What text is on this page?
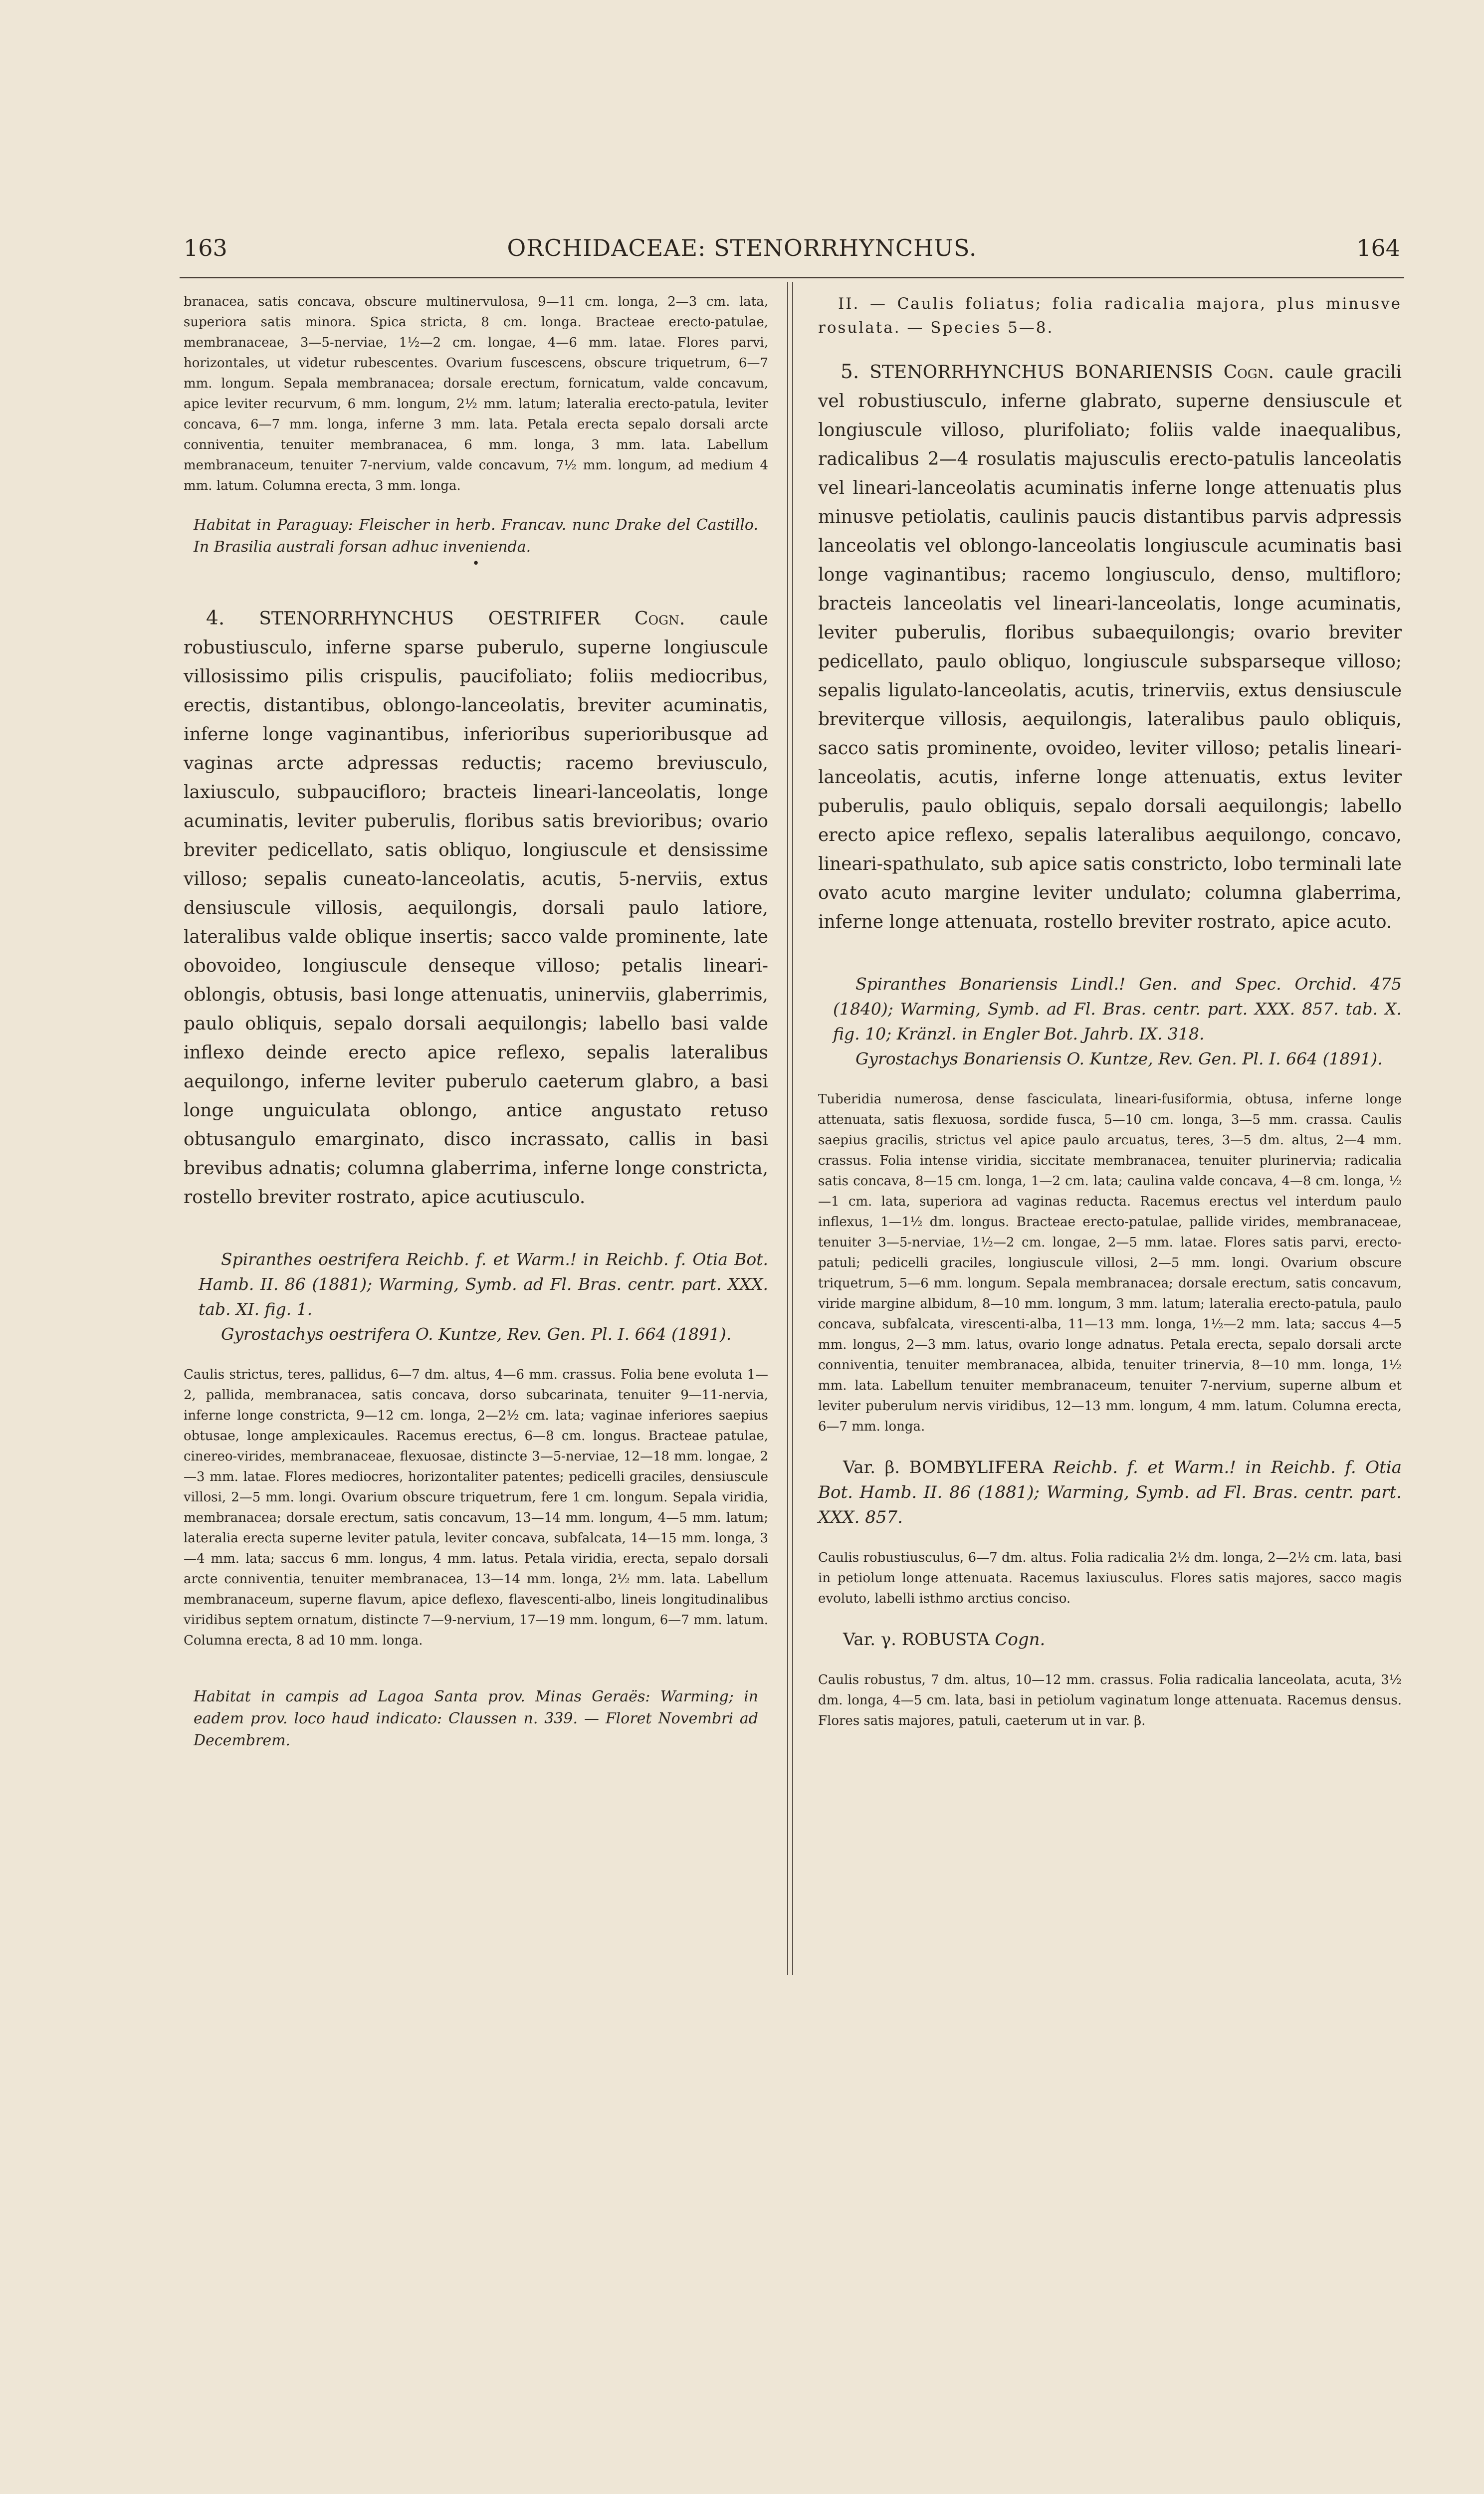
163	ORCHIDACEAE: STENORRHYNCHUS.	164

branacea, satis concava, obscure multinervulosa, 9—11 cm. longa, 2—3 cm. lata, superiora satis minora. Spica stricta, 8 cm. longa. Bracteae erecto-patulae, membranaceae, 3—5-nerviae, 1½—2 cm. longae, 4—6 mm. latae. Flores parvi, horizontales, ut videtur rubescentes. Ovarium fuscescens, obscure triquetrum, 6—7 mm. longum. Sepala membranacea; dorsale erectum, fornicatum, valde concavum, apice leviter recurvum, 6 mm. longum, 2½ mm. latum; lateralia erecto-patula, leviter concava, 6—7 mm. longa, inferne 3 mm. lata. Petala erecta sepalo dorsali arcte conniventia, tenuiter membranacea, 6 mm. longa, 3 mm. lata. Labellum membranaceum, tenuiter 7-nervium, valde concavum, 7½ mm. longum, ad medium 4 mm. latum. Columna erecta, 3 mm. longa.

Habitat in Paraguay: Fleischer in herb. Francav. nunc Drake del Castillo. In Brasilia australi forsan adhuc invenienda.

•

4. STENORRHYNCHUS OESTRIFER Cogn. caule robustiusculo, inferne sparse puberulo, superne longiuscule villosissimo pilis crispulis, paucifoliato; foliis mediocribus, erectis, distantibus, oblongo-lanceolatis, breviter acuminatis, inferne longe vaginantibus, inferioribus superioribusque ad vaginas arcte adpressas reductis; racemo breviusculo, laxiusculo, subpaucifloro; bracteis lineari-lanceolatis, longe acuminatis, leviter puberulis, floribus satis brevioribus; ovario breviter pedicellato, satis obliquo, longiuscule et densissime villoso; sepalis cuneato-lanceolatis, acutis, 5-nerviis, extus densiuscule villosis, aequilongis, dorsali paulo latiore, lateralibus valde oblique insertis; sacco valde prominente, late obovoideo, longiuscule denseque villoso; petalis lineari-oblongis, obtusis, basi longe attenuatis, uninerviis, glaberrimis, paulo obliquis, sepalo dorsali aequilongis; labello basi valde inflexo deinde erecto apice reflexo, sepalis lateralibus aequilongo, inferne leviter puberulo caeterum glabro, a basi longe unguiculata oblongo, antice angustato retuso obtusangulo emarginato, disco incrassato, callis in basi brevibus adnatis; columna glaberrima, inferne longe constricta, rostello breviter rostrato, apice acutiusculo.

Spiranthes oestrifera Reichb. f. et Warm.! in Reichb. f. Otia Bot. Hamb. II. 86 (1881); Warming, Symb. ad Fl. Bras. centr. part. XXX. tab. XI. fig. 1.

Gyrostachys oestrifera O. Kuntze, Rev. Gen. Pl. I. 664 (1891).

Caulis strictus, teres, pallidus, 6—7 dm. altus, 4—6 mm. crassus. Folia bene evoluta 1—2, pallida, membranacea, satis concava, dorso subcarinata, tenuiter 9—11-nervia, inferne longe constricta, 9—12 cm. longa, 2—2½ cm. lata; vaginae inferiores saepius obtusae, longe amplexicaules. Racemus erectus, 6—8 cm. longus. Bracteae patulae, cinereo-virides, membranaceae, flexuosae, distincte 3—5-nerviae, 12—18 mm. longae, 2—3 mm. latae. Flores mediocres, horizontaliter patentes; pedicelli graciles, densiuscule villosi, 2—5 mm. longi. Ovarium obscure triquetrum, fere 1 cm. longum. Sepala viridia, membranacea; dorsale erectum, satis concavum, 13—14 mm. longum, 4—5 mm. latum; lateralia erecta superne leviter patula, leviter concava, subfalcata, 14—15 mm. longa, 3—4 mm. lata; saccus 6 mm. longus, 4 mm. latus. Petala viridia, erecta, sepalo dorsali arcte conniventia, tenuiter membranacea, 13—14 mm. longa, 2½ mm. lata. Labellum membranaceum, superne flavum, apice deflexo, flavescenti-albo, lineis longitudinalibus viridibus septem ornatum, distincte 7—9-nervium, 17—19 mm. longum, 6—7 mm. latum. Columna erecta, 8 ad 10 mm. longa.

Habitat in campis ad Lagoa Santa prov. Minas Geraës: Warming; in eadem prov. loco haud indicato: Claussen n. 339. — Floret Novembri ad Decembrem.

II. — Caulis foliatus; folia radicalia majora, plus minusve rosulata. — Species 5—8.

5. STENORRHYNCHUS BONARIENSIS Cogn. caule gracili vel robustiusculo, inferne glabrato, superne densiuscule et longiuscule villoso, plurifoliato; foliis valde inaequalibus, radicalibus 2—4 rosulatis majusculis erecto-patulis lanceolatis vel lineari-lanceolatis acuminatis inferne longe attenuatis plus minusve petiolatis, caulinis paucis distantibus parvis adpressis lanceolatis vel oblongo-lanceolatis longiuscule acuminatis basi longe vaginantibus; racemo longiusculo, denso, multifloro; bracteis lanceolatis vel lineari-lanceolatis, longe acuminatis, leviter puberulis, floribus subaequilongis; ovario breviter pedicellato, paulo obliquo, longiuscule subsparseque villoso; sepalis ligulato-lanceolatis, acutis, trinerviis, extus densiuscule breviterque villosis, aequilongis, lateralibus paulo obliquis, sacco satis prominente, ovoideo, leviter villoso; petalis lineari-lanceolatis, acutis, inferne longe attenuatis, extus leviter puberulis, paulo obliquis, sepalo dorsali aequilongis; labello erecto apice reflexo, sepalis lateralibus aequilongo, concavo, lineari-spathulato, sub apice satis constricto, lobo terminali late ovato acuto margine leviter undulato; columna glaberrima, inferne longe attenuata, rostello breviter rostrato, apice acuto.

Spiranthes Bonariensis Lindl.! Gen. and Spec. Orchid. 475 (1840); Warming, Symb. ad Fl. Bras. centr. part. XXX. 857. tab. X. fig. 10; Kränzl. in Engler Bot. Jahrb. IX. 318.

Gyrostachys Bonariensis O. Kuntze, Rev. Gen. Pl. I. 664 (1891).

Tuberidia numerosa, dense fasciculata, lineari-fusiformia, obtusa, inferne longe attenuata, satis flexuosa, sordide fusca, 5—10 cm. longa, 3—5 mm. crassa. Caulis saepius gracilis, strictus vel apice paulo arcuatus, teres, 3—5 dm. altus, 2—4 mm. crassus. Folia intense viridia, siccitate membranacea, tenuiter plurinervia; radicalia satis concava, 8—15 cm. longa, 1—2 cm. lata; caulina valde concava, 4—8 cm. longa, ½—1 cm. lata, superiora ad vaginas reducta. Racemus erectus vel interdum paulo inflexus, 1—1½ dm. longus. Bracteae erecto-patulae, pallide virides, membranaceae, tenuiter 3—5-nerviae, 1½—2 cm. longae, 2—5 mm. latae. Flores satis parvi, erecto-patuli; pedicelli graciles, longiuscule villosi, 2—5 mm. longi. Ovarium obscure triquetrum, 5—6 mm. longum. Sepala membranacea; dorsale erectum, satis concavum, viride margine albidum, 8—10 mm. longum, 3 mm. latum; lateralia erecto-patula, paulo concava, subfalcata, virescenti-alba, 11—13 mm. longa, 1½—2 mm. lata; saccus 4—5 mm. longus, 2—3 mm. latus, ovario longe adnatus. Petala erecta, sepalo dorsali arcte conniventia, tenuiter membranacea, albida, tenuiter trinervia, 8—10 mm. longa, 1½ mm. lata. Labellum tenuiter membranaceum, tenuiter 7-nervium, superne album et leviter puberulum nervis viridibus, 12—13 mm. longum, 4 mm. latum. Columna erecta, 6—7 mm. longa.

Var. β. BOMBYLIFERA Reichb. f. et Warm.! in Reichb. f. Otia Bot. Hamb. II. 86 (1881); Warming, Symb. ad Fl. Bras. centr. part. XXX. 857.

Caulis robustiusculus, 6—7 dm. altus. Folia radicalia 2½ dm. longa, 2—2½ cm. lata, basi in petiolum longe attenuata. Racemus laxiusculus. Flores satis majores, sacco magis evoluto, labelli isthmo arctius conciso.

Var. γ. ROBUSTA Cogn.

Caulis robustus, 7 dm. altus, 10—12 mm. crassus. Folia radicalia lanceolata, acuta, 3½ dm. longa, 4—5 cm. lata, basi in petiolum vaginatum longe attenuata. Racemus densus. Flores satis majores, patuli, caeterum ut in var. β.
